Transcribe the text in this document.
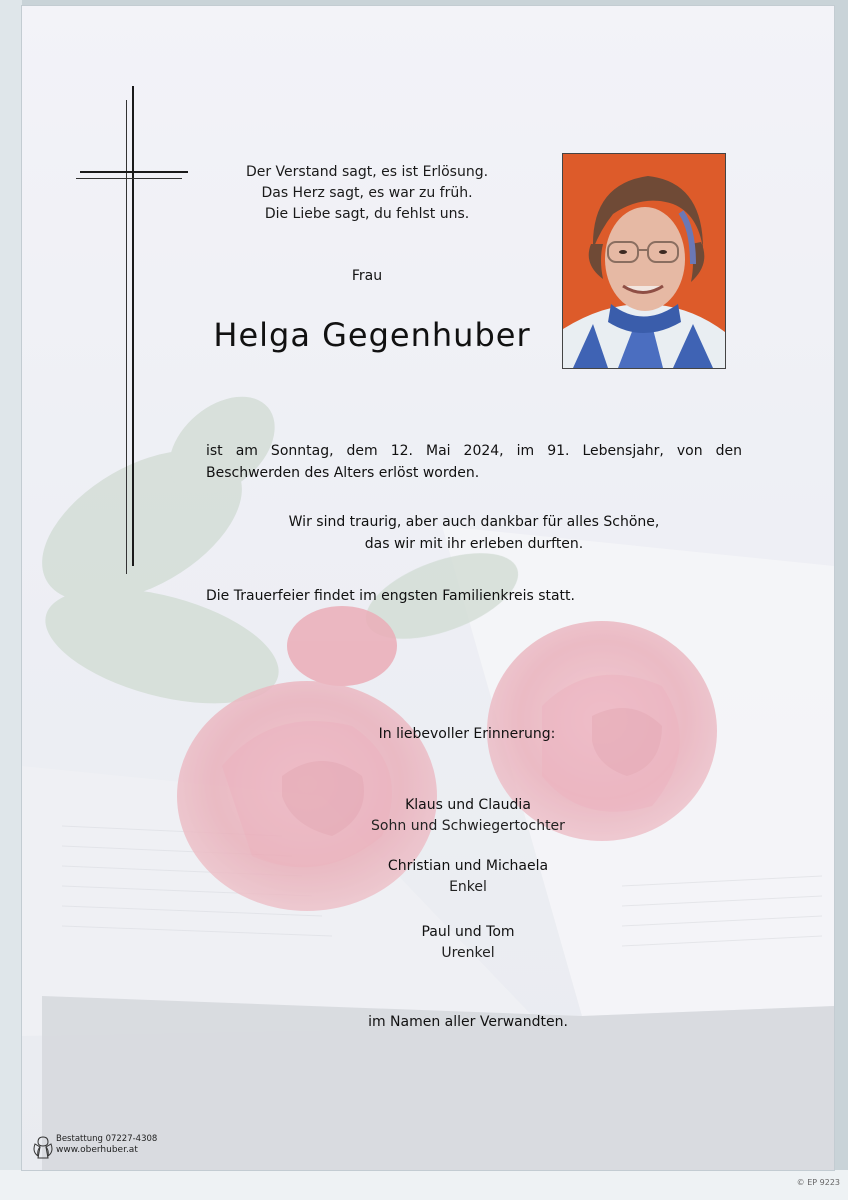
© EP 9223
Der Verstand sagt, es ist Erlösung.
Das Herz sagt, es war zu früh.
Die Liebe sagt, du fehlst uns.
Frau
Helga Gegenhuber
ist am Sonntag, dem 12. Mai 2024, im 91. Lebensjahr, von den Beschwerden des Alters erlöst worden.
Wir sind traurig, aber auch dankbar für alles Schöne,
das wir mit ihr erleben durften.
Die Trauerfeier findet im engsten Familienkreis statt.
In liebevoller Erinnerung:
Klaus und Claudia
Sohn und Schwiegertochter
Christian und Michaela
Enkel
Paul und Tom
Urenkel
im Namen aller Verwandten.
Bestattung 07227-4308
www.oberhuber.at
